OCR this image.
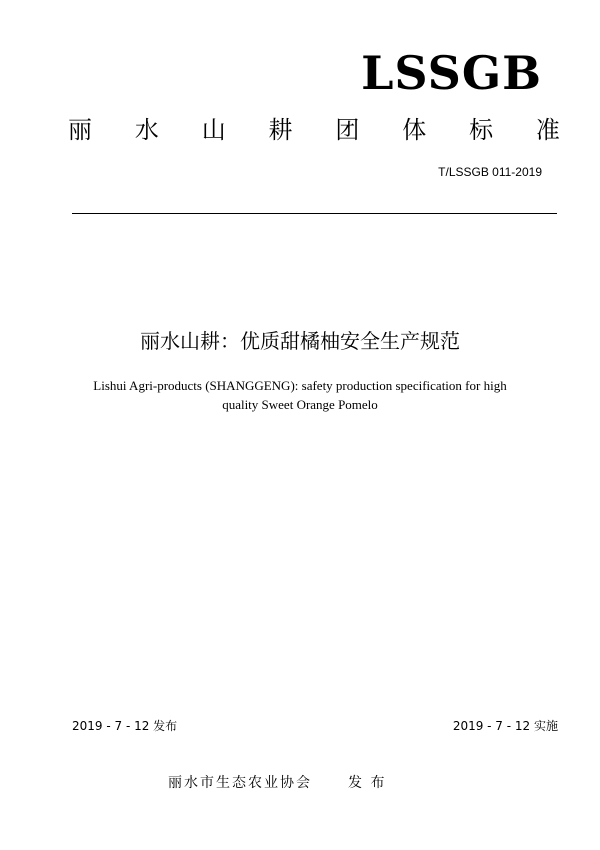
LSSGB
丽 水 山 耕 团 体 标 准
T/LSSGB 011-2019
丽水山耕：优质甜橘柚安全生产规范
Lishui Agri-products (SHANGGENG): safety production specification for high
quality Sweet Orange Pomelo
2019 - 7 - 12 发布	2019 - 7 - 12 实施
丽水市生态农业协会	发 布
